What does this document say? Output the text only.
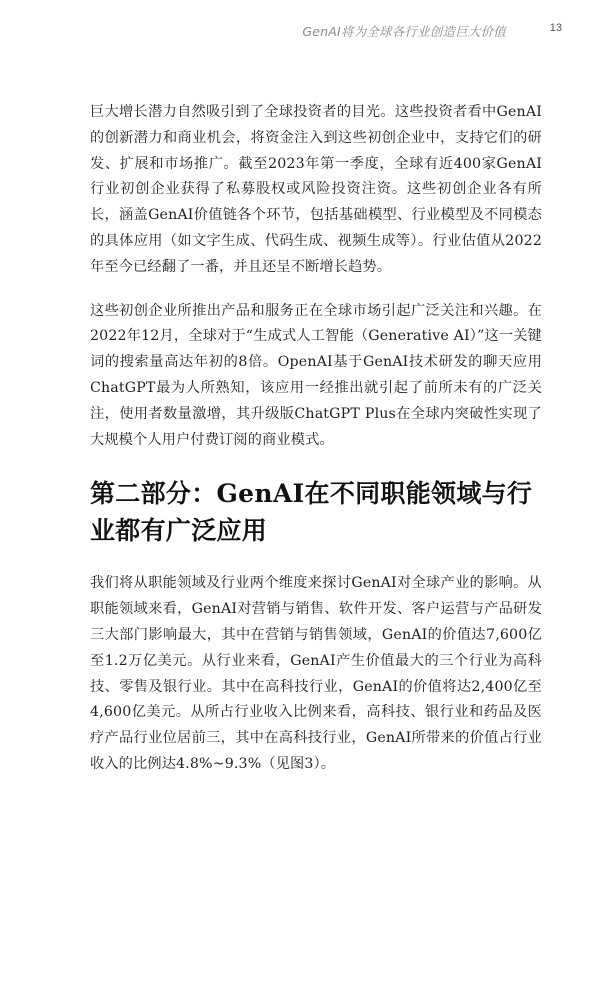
GenAI将为全球各行业创造巨大价值	13

巨大增长潜力自然吸引到了全球投资者的目光。这些投资者看中GenAI的创新潜力和商业机会，将资金注入到这些初创企业中，支持它们的研发、扩展和市场推广。截至2023年第一季度，全球有近400家GenAI行业初创企业获得了私募股权或风险投资注资。这些初创企业各有所长，涵盖GenAI价值链各个环节，包括基础模型、行业模型及不同模态的具体应用（如文字生成、代码生成、视频生成等）。行业估值从2022年至今已经翻了一番，并且还呈不断增长趋势。

这些初创企业所推出产品和服务正在全球市场引起广泛关注和兴趣。在2022年12月，全球对于“生成式人工智能（Generative AI）”这一关键词的搜索量高达年初的8倍。OpenAI基于GenAI技术研发的聊天应用ChatGPT最为人所熟知，该应用一经推出就引起了前所未有的广泛关注，使用者数量激增，其升级版ChatGPT Plus在全球内突破性实现了大规模个人用户付费订阅的商业模式。

第二部分：GenAI在不同职能领域与行业都有广泛应用

我们将从职能领域及行业两个维度来探讨GenAI对全球产业的影响。从职能领域来看，GenAI对营销与销售、软件开发、客户运营与产品研发三大部门影响最大，其中在营销与销售领域，GenAI的价值达7,600亿至1.2万亿美元。从行业来看，GenAI产生价值最大的三个行业为高科技、零售及银行业。其中在高科技行业，GenAI的价值将达2,400亿至4,600亿美元。从所占行业收入比例来看，高科技、银行业和药品及医疗产品行业位居前三，其中在高科技行业，GenAI所带来的价值占行业收入的比例达4.8%~9.3%（见图3）。
